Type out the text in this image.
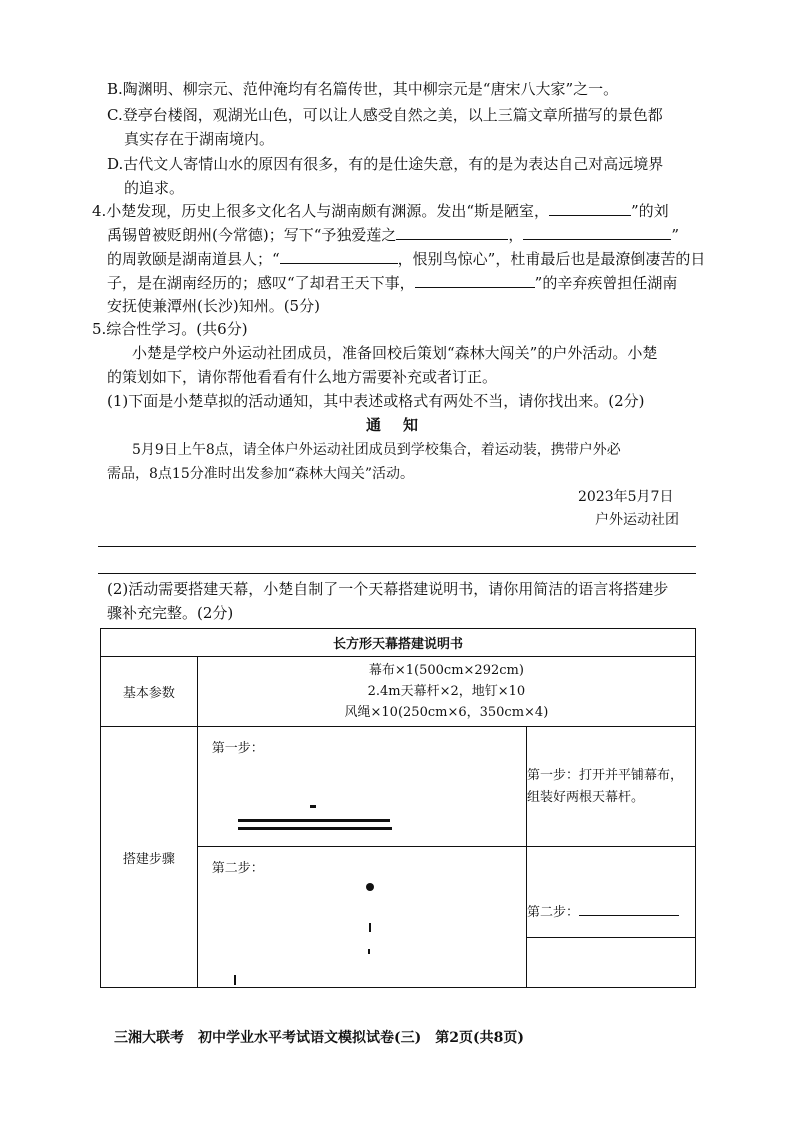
B.陶渊明、柳宗元、范仲淹均有名篇传世，其中柳宗元是“唐宋八大家”之一。
C.登亭台楼阁，观湖光山色，可以让人感受自然之美，以上三篇文章所描写的景色都
真实存在于湖南境内。
D.古代文人寄情山水的原因有很多，有的是仕途失意，有的是为表达自己对高远境界
的追求。
4.小楚发现，历史上很多文化名人与湖南颇有渊源。发出“斯是陋室，	”的刘
禹锡曾被贬朗州(今常德)；写下“予独爱莲之	，	”
的周敦颐是湖南道县人；“	，恨别鸟惊心”，杜甫最后也是最潦倒凄苦的日
子，是在湖南经历的；感叹“了却君王天下事，	”的辛弃疾曾担任湖南
安抚使兼潭州(长沙)知州。(5分)
5.综合性学习。(共6分)
小楚是学校户外运动社团成员，准备回校后策划“森林大闯关”的户外活动。小楚
的策划如下，请你帮他看看有什么地方需要补充或者订正。
(1)下面是小楚草拟的活动通知，其中表述或格式有两处不当，请你找出来。(2分)
通知
5月9日上午8点，请全体户外运动社团成员到学校集合，着运动装，携带户外必
需品，8点15分准时出发参加“森林大闯关”活动。
2023年5月7日
户外运动社团
(2)活动需要搭建天幕，小楚自制了一个天幕搭建说明书，请你用简洁的语言将搭建步
骤补充完整。(2分)
长方形天幕搭建说明书		
基本参数	幕布×1(500cm×292cm)
2.4m天幕杆×2，地钉×10
风绳×10(250cm×6，350cm×4)	

搭建步骤	第一步：	第一步：打开并平铺幕布，组装好两根天幕杆。

	第二步：	第二步：
三湘大联考　初中学业水平考试语文模拟试卷(三)　第2页(共8页)
